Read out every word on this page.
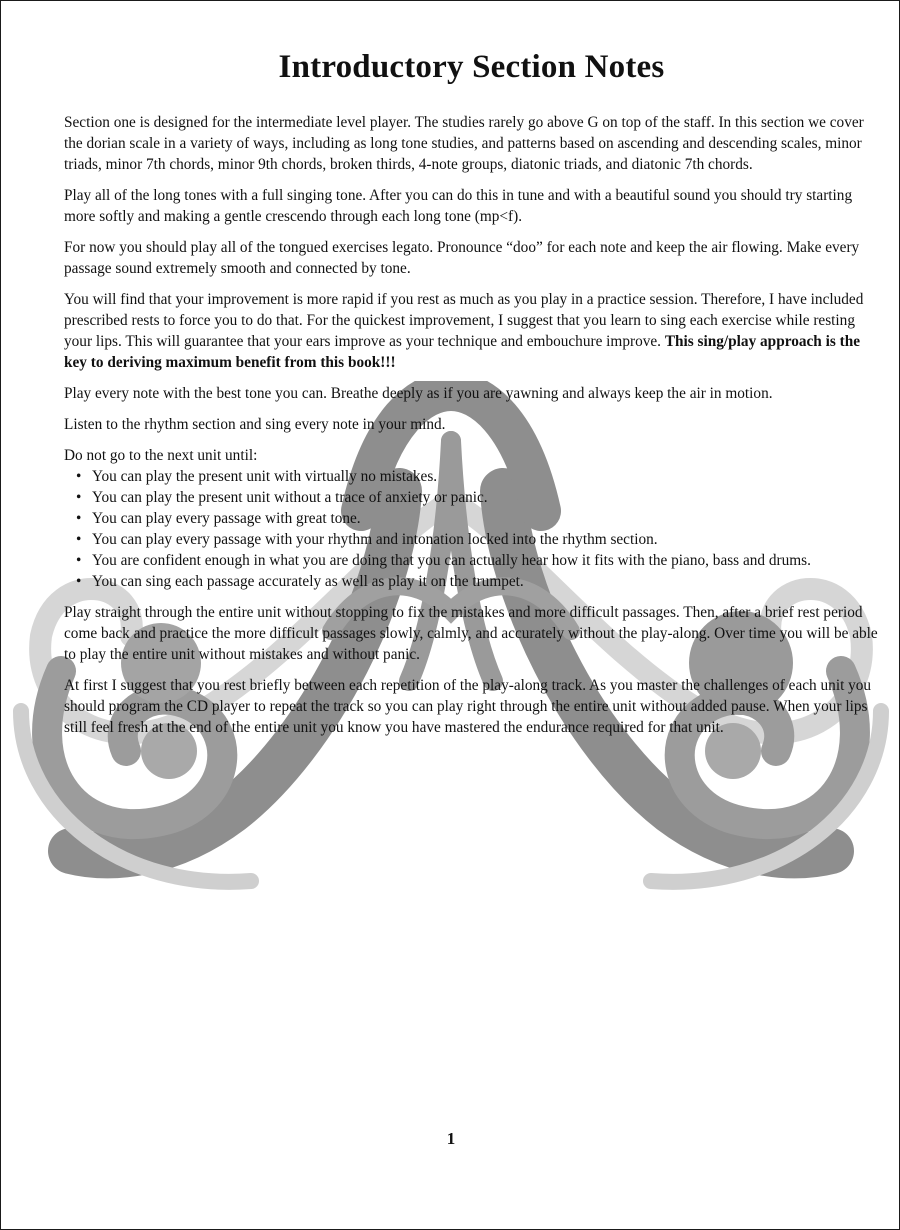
Introductory Section Notes

Section one is designed for the intermediate level player. The studies rarely go above G on top of the staff. In this section we cover the dorian scale in a variety of ways, including as long tone studies, and patterns based on ascending and descending scales, minor triads, minor 7th chords, minor 9th chords, broken thirds, 4-note groups, diatonic triads, and diatonic 7th chords.

Play all of the long tones with a full singing tone. After you can do this in tune and with a beautiful sound you should try starting more softly and making a gentle crescendo through each long tone (mp<f).

For now you should play all of the tongued exercises legato. Pronounce “doo” for each note and keep the air flowing. Make every passage sound extremely smooth and connected by tone.

You will find that your improvement is more rapid if you rest as much as you play in a practice session. Therefore, I have included prescribed rests to force you to do that. For the quickest improvement, I suggest that you learn to sing each exercise while resting your lips. This will guarantee that your ears improve as your technique and embouchure improve. This sing/play approach is the key to deriving maximum benefit from this book!!!

Play every note with the best tone you can. Breathe deeply as if you are yawning and always keep the air in motion.

Listen to the rhythm section and sing every note in your mind.

Do not go to the next unit until:

• You can play the present unit with virtually no mistakes.
• You can play the present unit without a trace of anxiety or panic.
• You can play every passage with great tone.
• You can play every passage with your rhythm and intonation locked into the rhythm section.
• You are confident enough in what you are doing that you can actually hear how it fits with the piano, bass and drums.
• You can sing each passage accurately as well as play it on the trumpet.

Play straight through the entire unit without stopping to fix the mistakes and more difficult passages. Then, after a brief rest period come back and practice the more difficult passages slowly, calmly, and accurately without the play-along. Over time you will be able to play the entire unit without mistakes and without panic.

At first I suggest that you rest briefly between each repetition of the play-along track. As you master the challenges of each unit you should program the CD player to repeat the track so you can play right through the entire unit without added pause. When your lips still feel fresh at the end of the entire unit you know you have mastered the endurance required for that unit.

1
